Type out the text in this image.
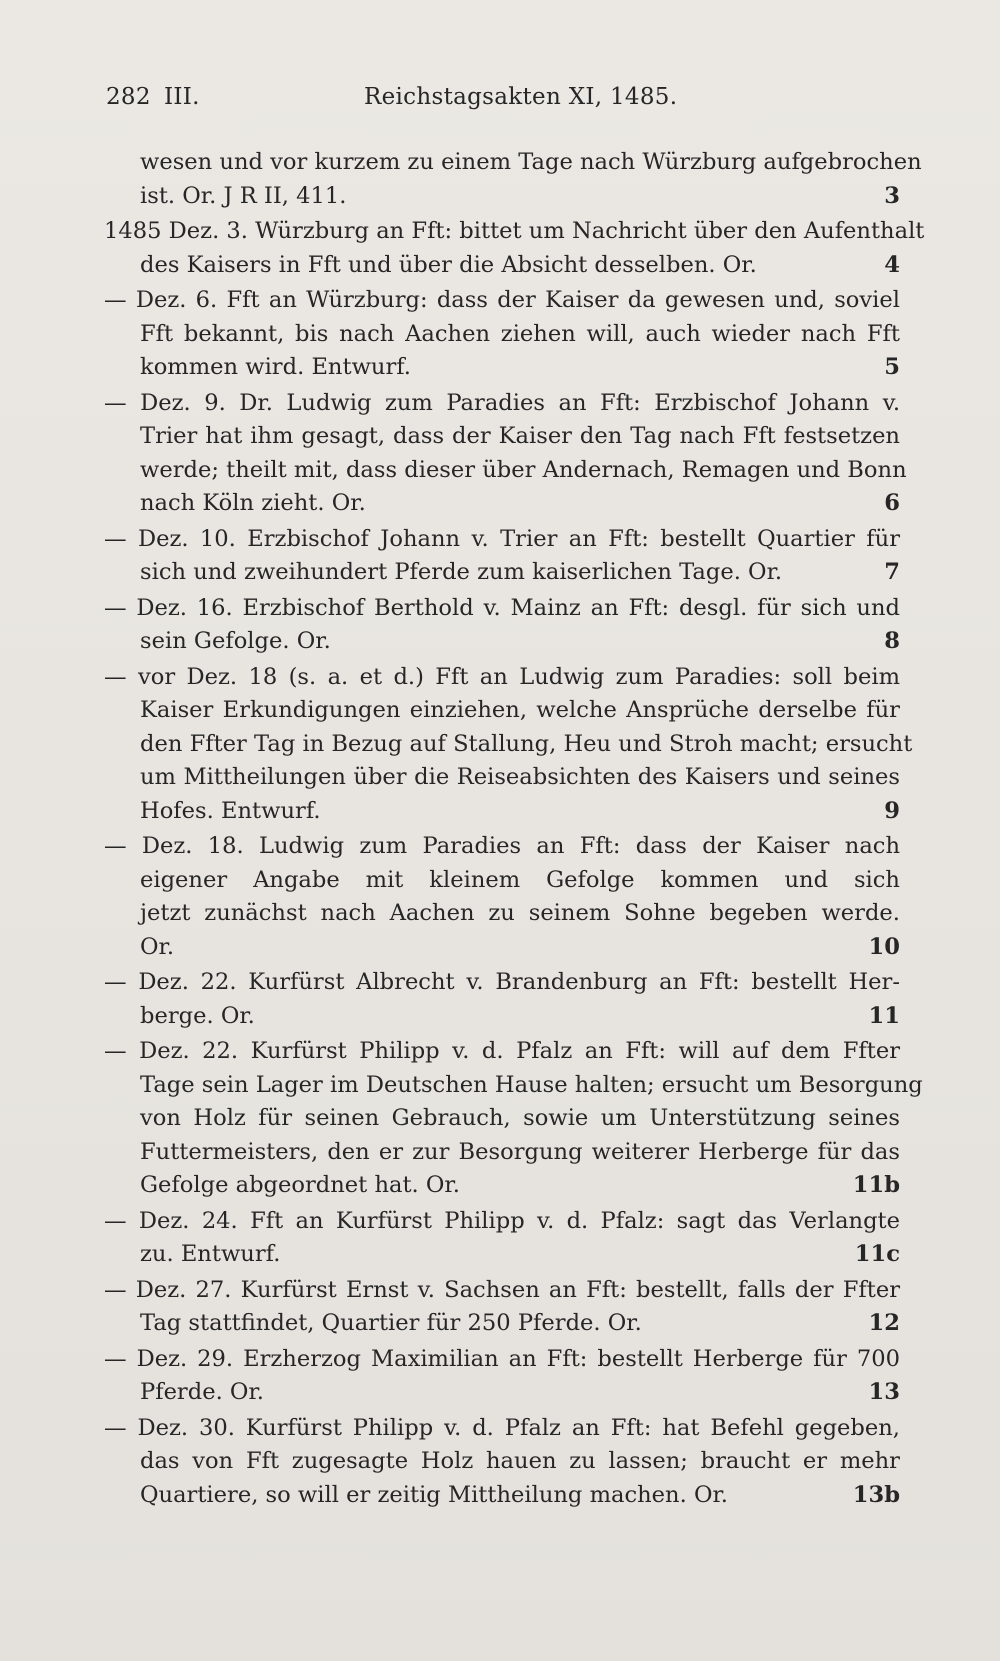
282 III.	Reichstagsakten XI, 1485.
wesen und vor kurzem zu einem Tage nach Würzburg aufgebrochen
ist. Or. J R II, 411.	3
1485 Dez. 3. Würzburg an Fft: bittet um Nachricht über den Aufenthalt
des Kaisers in Fft und über die Absicht desselben. Or.	4
— Dez. 6. Fft an Würzburg: dass der Kaiser da gewesen und, soviel
Fft bekannt, bis nach Aachen ziehen will, auch wieder nach Fft
kommen wird. Entwurf.	5
— Dez. 9. Dr. Ludwig zum Paradies an Fft: Erzbischof Johann v.
Trier hat ihm gesagt, dass der Kaiser den Tag nach Fft festsetzen
werde; theilt mit, dass dieser über Andernach, Remagen und Bonn
nach Köln zieht. Or.	6
— Dez. 10. Erzbischof Johann v. Trier an Fft: bestellt Quartier für
sich und zweihundert Pferde zum kaiserlichen Tage. Or.	7
— Dez. 16. Erzbischof Berthold v. Mainz an Fft: desgl. für sich und
sein Gefolge. Or.	8
— vor Dez. 18 (s. a. et d.) Fft an Ludwig zum Paradies: soll beim
Kaiser Erkundigungen einziehen, welche Ansprüche derselbe für
den Ffter Tag in Bezug auf Stallung, Heu und Stroh macht; ersucht
um Mittheilungen über die Reiseabsichten des Kaisers und seines
Hofes. Entwurf.	9
— Dez. 18. Ludwig zum Paradies an Fft: dass der Kaiser nach
eigener Angabe mit kleinem Gefolge kommen und sich
jetzt zunächst nach Aachen zu seinem Sohne begeben werde.
Or.	10
— Dez. 22. Kurfürst Albrecht v. Brandenburg an Fft: bestellt Her-
berge. Or.	11
— Dez. 22. Kurfürst Philipp v. d. Pfalz an Fft: will auf dem Ffter
Tage sein Lager im Deutschen Hause halten; ersucht um Besorgung
von Holz für seinen Gebrauch, sowie um Unterstützung seines
Futtermeisters, den er zur Besorgung weiterer Herberge für das
Gefolge abgeordnet hat. Or.	11b
— Dez. 24. Fft an Kurfürst Philipp v. d. Pfalz: sagt das Verlangte
zu. Entwurf.	11c
— Dez. 27. Kurfürst Ernst v. Sachsen an Fft: bestellt, falls der Ffter
Tag stattfindet, Quartier für 250 Pferde. Or.	12
— Dez. 29. Erzherzog Maximilian an Fft: bestellt Herberge für 700
Pferde. Or.	13
— Dez. 30. Kurfürst Philipp v. d. Pfalz an Fft: hat Befehl gegeben,
das von Fft zugesagte Holz hauen zu lassen; braucht er mehr
Quartiere, so will er zeitig Mittheilung machen. Or.	13b
